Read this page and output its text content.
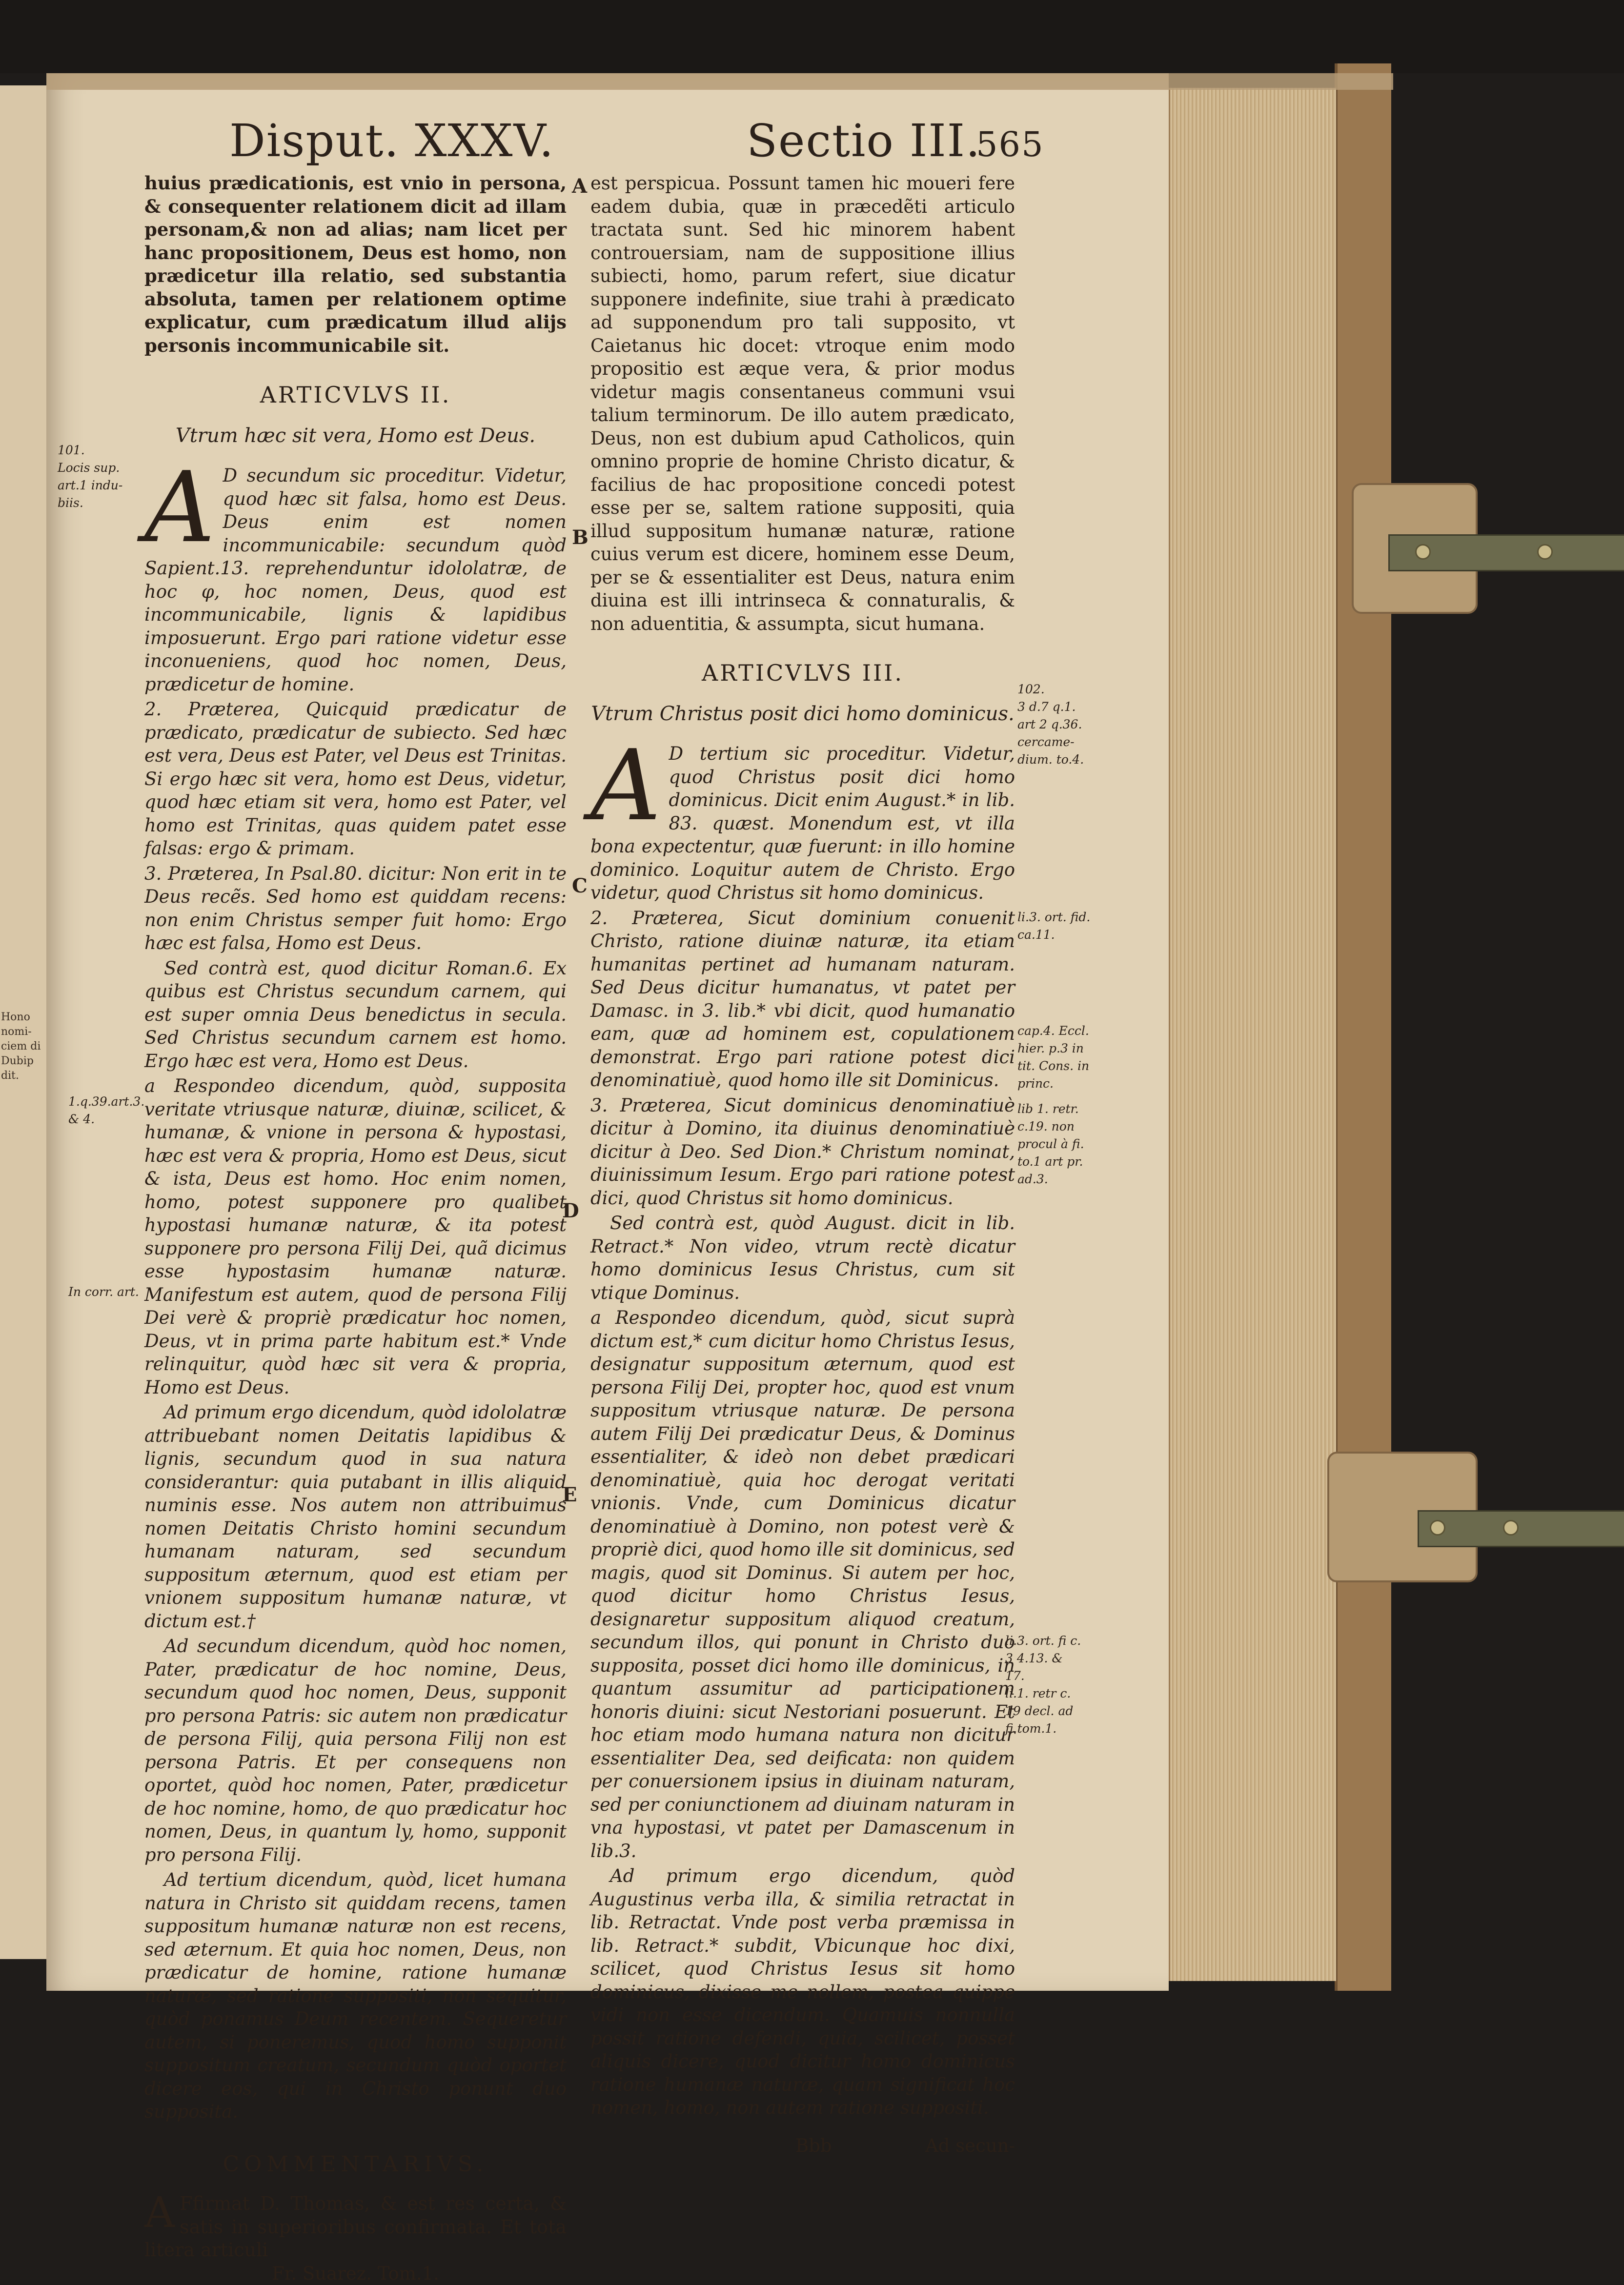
Hono
nomi-
ciem di
Dubip
dit.
Disput. XXXV.	Sectio III.
565

huius prædicationis, est vnio in persona, & consequenter relationem dicit ad illam personam,& non ad alias; nam licet per hanc propositionem, Deus est homo, non prædicetur illa relatio, sed substantia absoluta, tamen per relationem optime explicatur, cum prædicatum illud alijs personis incommunicabile sit.

ARTICVLVS II.
Vtrum hæc sit vera, Homo est Deus.

A D secundum sic proceditur. Videtur, quod hæc sit falsa, homo est Deus. Deus enim est nomen incommunicabile: secundum quòd Sapient.13. reprehenduntur idololatræ, de hoc φ, hoc nomen, Deus, quod est incommunicabile, lignis & lapidibus imposuerunt. Ergo pari ratione videtur esse inconueniens, quod hoc nomen, Deus, prædicetur de homine.

2. Præterea, Quicquid prædicatur de prædicato, prædicatur de subiecto. Sed hæc est vera, Deus est Pater, vel Deus est Trinitas. Si ergo hæc sit vera, homo est Deus, videtur, quod hæc etiam sit vera, homo est Pater, vel homo est Trinitas, quas quidem patet esse falsas: ergo & primam.

3. Præterea, In Psal.80. dicitur: Non erit in te Deus recẽs. Sed homo est quiddam recens: non enim Christus semper fuit homo: Ergo hæc est falsa, Homo est Deus.

Sed contrà est, quod dicitur Roman.6. Ex quibus est Christus secundum carnem, qui est super omnia Deus benedictus in secula. Sed Christus secundum carnem est homo. Ergo hæc est vera, Homo est Deus.

a Respondeo dicendum, quòd, supposita veritate vtriusque naturæ, diuinæ, scilicet, & humanæ, & vnione in persona & hypostasi, hæc est vera & propria, Homo est Deus, sicut & ista, Deus est homo. Hoc enim nomen, homo, potest supponere pro qualibet hypostasi humanæ naturæ, & ita potest supponere pro persona Filij Dei, quã dicimus esse hypostasim humanæ naturæ. Manifestum est autem, quod de persona Filij Dei verè & propriè prædicatur hoc nomen, Deus, vt in prima parte habitum est.* Vnde relinquitur, quòd hæc sit vera & propria, Homo est Deus.

Ad primum ergo dicendum, quòd idololatræ attribuebant nomen Deitatis lapidibus & lignis, secundum quod in sua natura considerantur: quia putabant in illis aliquid numinis esse. Nos autem non attribuimus nomen Deitatis Christo homini secundum humanam naturam, sed secundum suppositum æternum, quod est etiam per vnionem suppositum humanæ naturæ, vt dictum est.†

Ad secundum dicendum, quòd hoc nomen, Pater, prædicatur de hoc nomine, Deus, secundum quod hoc nomen, Deus, supponit pro persona Patris: sic autem non prædicatur de persona Filij, quia persona Filij non est persona Patris. Et per consequens non oportet, quòd hoc nomen, Pater, prædicetur de hoc nomine, homo, de quo prædicatur hoc nomen, Deus, in quantum ly, homo, supponit pro persona Filij.

Ad tertium dicendum, quòd, licet humana natura in Christo sit quiddam recens, tamen suppositum humanæ naturæ non est recens, sed æternum. Et quia hoc nomen, Deus, non prædicatur de homine, ratione humanæ naturæ, sed ratione suppositi, non sequitur, quòd ponamus Deum recentem. Sequeretur autem, si poneremus, quod homo supponit suppositum creatum, secundum quòd oportet dicere eos, qui in Christo ponunt duo supposita.

COMMENTARIVS.

A Ffirmat D. Thomas, & est res certa, & satis in superioribus confirmata. Et tota litera articuli

Fr. Suarez. Tom.1.

est perspicua. Possunt tamen hic moueri fere eadem dubia, quæ in præcedẽti articulo tractata sunt. Sed hic minorem habent controuersiam, nam de suppositione illius subiecti, homo, parum refert, siue dicatur supponere indefinite, siue trahi à prædicato ad supponendum pro tali supposito, vt Caietanus hic docet: vtroque enim modo propositio est æque vera, & prior modus videtur magis consentaneus communi vsui talium terminorum. De illo autem prædicato, Deus, non est dubium apud Catholicos, quin omnino proprie de homine Christo dicatur, & facilius de hac propositione concedi potest esse per se, saltem ratione suppositi, quia illud suppositum humanæ naturæ, ratione cuius verum est dicere, hominem esse Deum, per se & essentialiter est Deus, natura enim diuina est illi intrinseca & connaturalis, & non aduentitia, & assumpta, sicut humana.

ARTICVLVS III.
Vtrum Christus posit dici homo dominicus.

A D tertium sic proceditur. Videtur, quod Christus posit dici homo dominicus. Dicit enim August.* in lib. 83. quæst. Monendum est, vt illa bona expectentur, quæ fuerunt: in illo homine dominico. Loquitur autem de Christo. Ergo videtur, quod Christus sit homo dominicus.

2. Præterea, Sicut dominium conuenit Christo, ratione diuinæ naturæ, ita etiam humanitas pertinet ad humanam naturam. Sed Deus dicitur humanatus, vt patet per Damasc. in 3. lib.* vbi dicit, quod humanatio eam, quæ ad hominem est, copulationem demonstrat. Ergo pari ratione potest dici denominatiuè, quod homo ille sit Dominicus.

3. Præterea, Sicut dominicus denominatiuè dicitur à Domino, ita diuinus denominatiuè dicitur à Deo. Sed Dion.* Christum nominat, diuinissimum Iesum. Ergo pari ratione potest dici, quod Christus sit homo dominicus.

Sed contrà est, quòd August. dicit in lib. Retract.* Non video, vtrum rectè dicatur homo dominicus Iesus Christus, cum sit vtique Dominus.

a Respondeo dicendum, quòd, sicut suprà dictum est,* cum dicitur homo Christus Iesus, designatur suppositum æternum, quod est persona Filij Dei, propter hoc, quod est vnum suppositum vtriusque naturæ. De persona autem Filij Dei prædicatur Deus, & Dominus essentialiter, & ideò non debet prædicari denominatiuè, quia hoc derogat veritati vnionis. Vnde, cum Dominicus dicatur denominatiuè à Domino, non potest verè & propriè dici, quod homo ille sit dominicus, sed magis, quod sit Dominus. Si autem per hoc, quod dicitur homo Christus Iesus, designaretur suppositum aliquod creatum, secundum illos, qui ponunt in Christo duo supposita, posset dici homo ille dominicus, in quantum assumitur ad participationem honoris diuini: sicut Nestoriani posuerunt. Et hoc etiam modo humana natura non dicitur essentialiter Dea, sed deificata: non quidem per conuersionem ipsius in diuinam naturam, sed per coniunctionem ad diuinam naturam in vna hypostasi, vt patet per Damascenum in lib.3.

Ad primum ergo dicendum, quòd Augustinus verba illa, & similia retractat in lib. Retractat. Vnde post verba præmissa in lib. Retract.* subdit, Vbicunque hoc dixi, scilicet, quod Christus Iesus sit homo dominicus, dixisse me nollem, postea quippe vidi non esse dicendum. Quamuis nonnulla possit ratione defendi, quia, scilicet, posset aliquis dicere, quod dicitur homo dominicus ratione humanæ naturæ, quam significat hoc nomen, homo, non autem ratione suppositi.

Bbb	Ad secun-
A
B
C
D
E
101.
Locis sup.
art.1 indu-
biis.
1.q.39.art.3.
& 4.
In corr. art.
102.
3 d.7 q.1.
art 2 q.36.
cercame-
dium. to.4.
li.3. ort. fid.
ca.11.
cap.4. Eccl.
hier. p.3 in
tit. Cons. in
princ.
lib 1. retr.
c.19. non
procul à fi.
to.1 art pr.
ad.3.
li.3. ort. fi c.
3 4.13. &
17.
li.1. retr c.
19 decl. ad
fi tom.1.
